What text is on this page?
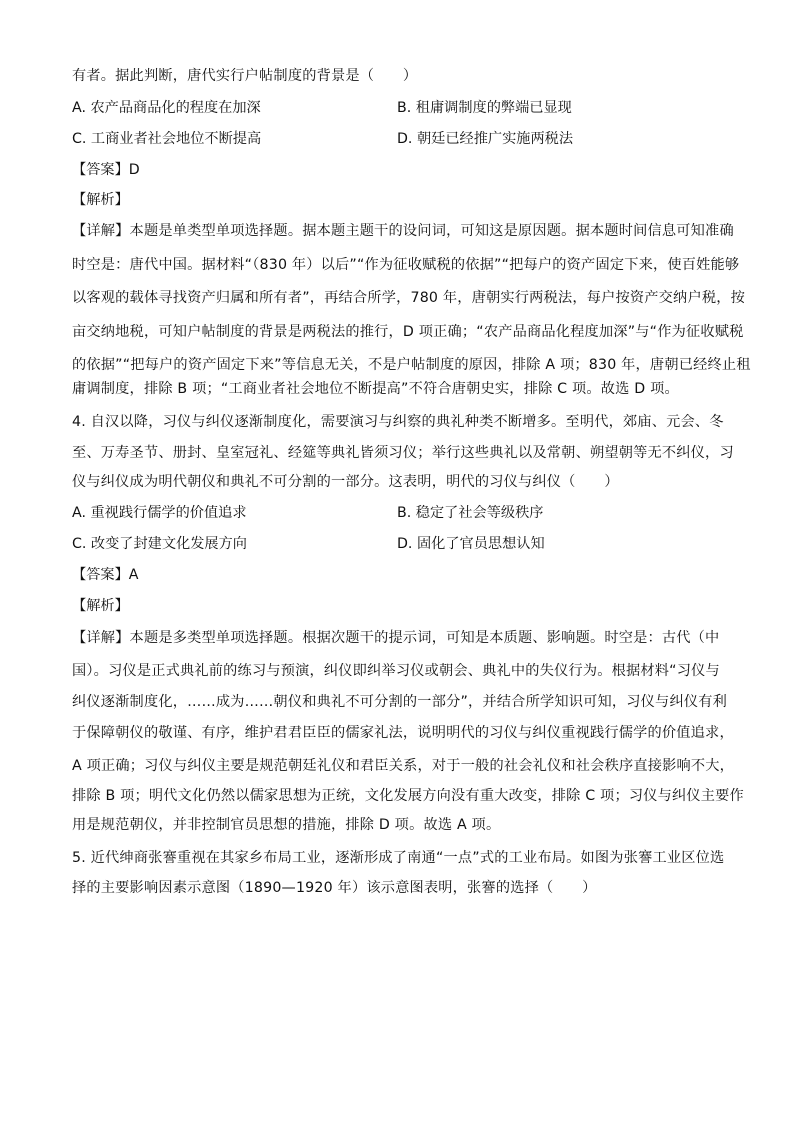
有者。据此判断，唐代实行户帖制度的背景是（　　）
A. 农产品商品化的程度在加深	B. 租庸调制度的弊端已显现
C. 工商业者社会地位不断提高	D. 朝廷已经推广实施两税法
【答案】D
【解析】
【详解】本题是单类型单项选择题。据本题主题干的设问词，可知这是原因题。据本题时间信息可知准确
时空是：唐代中国。据材料“（830 年）以后”“作为征收赋税的依据”“把每户的资产固定下来，使百姓能够
以客观的载体寻找资产归属和所有者”，再结合所学，780 年，唐朝实行两税法，每户按资产交纳户税，按
亩交纳地税，可知户帖制度的背景是两税法的推行，D 项正确；“农产品商品化程度加深”与“作为征收赋税
的依据”“把每户的资产固定下来”等信息无关，不是户帖制度的原因，排除 A 项；830 年，唐朝已经终止租
庸调制度，排除 B 项；“工商业者社会地位不断提高”不符合唐朝史实，排除 C 项。故选 D 项。
4. 自汉以降，习仪与纠仪逐渐制度化，需要演习与纠察的典礼种类不断增多。至明代，郊庙、元会、冬
至、万寿圣节、册封、皇室冠礼、经筵等典礼皆须习仪；举行这些典礼以及常朝、朔望朝等无不纠仪，习
仪与纠仪成为明代朝仪和典礼不可分割的一部分。这表明，明代的习仪与纠仪（　　）
A. 重视践行儒学的价值追求	B. 稳定了社会等级秩序
C. 改变了封建文化发展方向	D. 固化了官员思想认知
【答案】A
【解析】
【详解】本题是多类型单项选择题。根据次题干的提示词，可知是本质题、影响题。时空是：古代（中
国）。习仪是正式典礼前的练习与预演，纠仪即纠举习仪或朝会、典礼中的失仪行为。根据材料“习仪与
纠仪逐渐制度化，……成为……朝仪和典礼不可分割的一部分”，并结合所学知识可知，习仪与纠仪有利
于保障朝仪的敬谨、有序，维护君君臣臣的儒家礼法，说明明代的习仪与纠仪重视践行儒学的价值追求，
A 项正确；习仪与纠仪主要是规范朝廷礼仪和君臣关系，对于一般的社会礼仪和社会秩序直接影响不大，
排除 B 项；明代文化仍然以儒家思想为正统，文化发展方向没有重大改变，排除 C 项；习仪与纠仪主要作
用是规范朝仪，并非控制官员思想的措施，排除 D 项。故选 A 项。
5. 近代绅商张謇重视在其家乡布局工业，逐渐形成了南通“一点”式的工业布局。如图为张謇工业区位选
择的主要影响因素示意图（1890—1920 年）该示意图表明，张謇的选择（　　）
